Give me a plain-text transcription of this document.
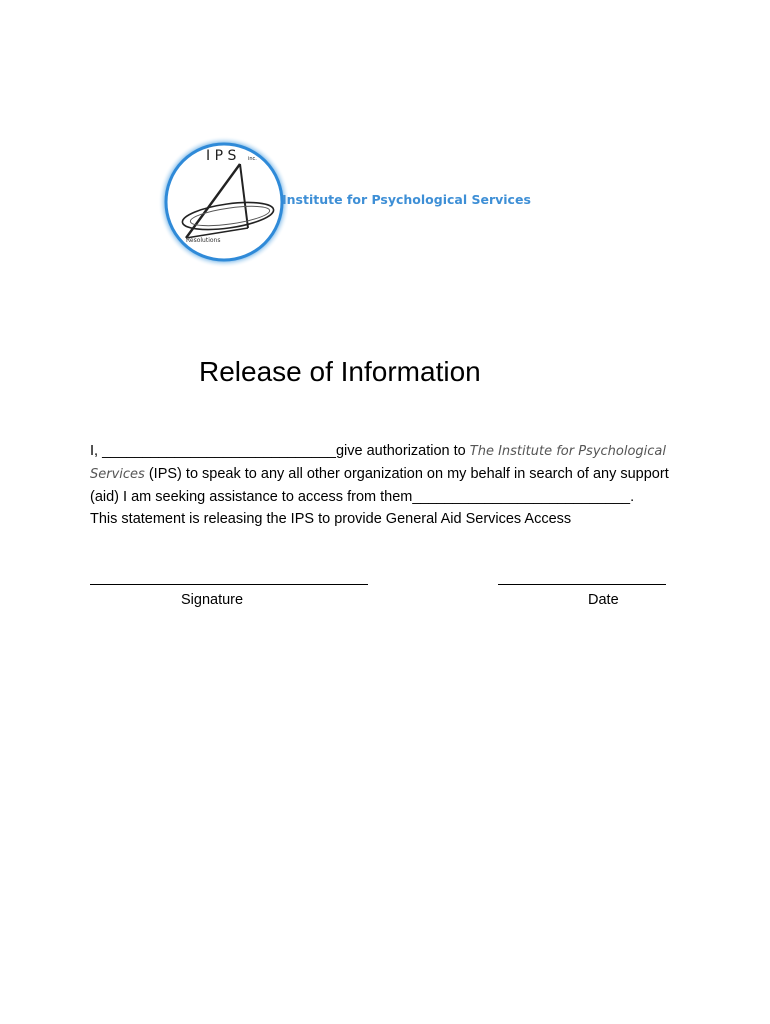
I P S inc.
Resolutions
Institute for Psychological Services
Release of Information
I, _____________________________give authorization to The Institute for Psychological
Services (IPS) to speak to any all other organization on my behalf in search of any support
(aid) I am seeking assistance to access from them___________________________.
This statement is releasing the IPS to provide General Aid Services Access
Signature	Date
